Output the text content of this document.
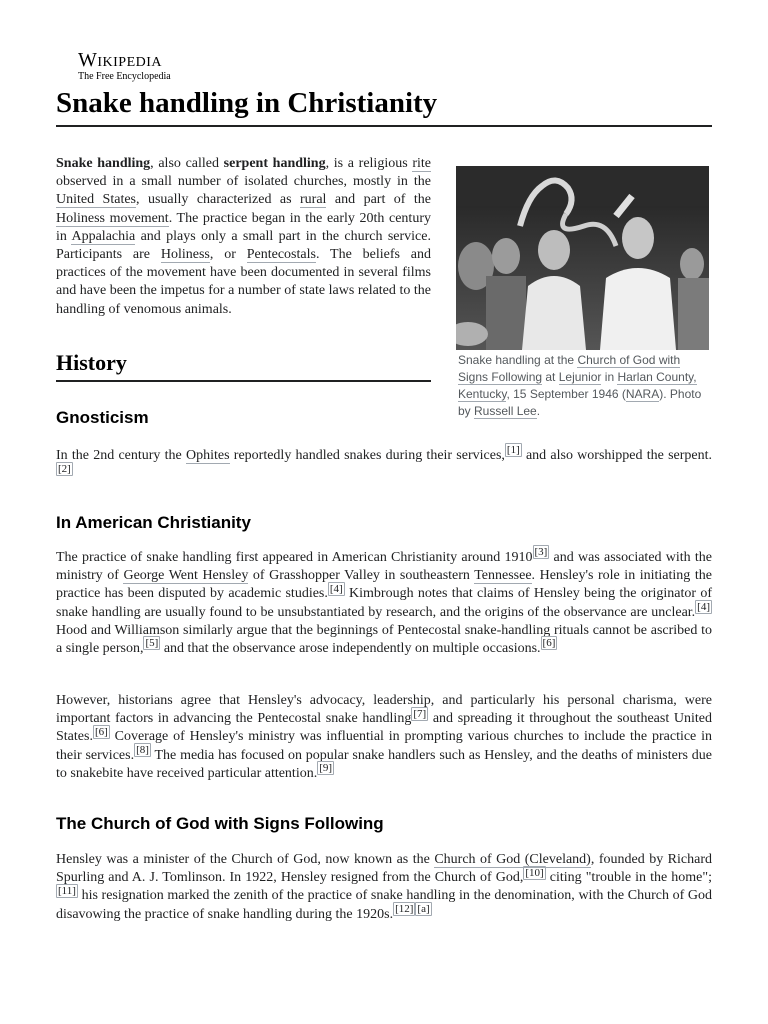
Wikipedia
The Free Encyclopedia
Snake handling in Christianity

Snake handling, also called serpent handling, is a religious rite observed in a small number of isolated churches, mostly in the United States, usually characterized as rural and part of the Holiness movement. The practice began in the early 20th century in Appalachia and plays only a small part in the church service. Participants are Holiness, or Pentecostals. The beliefs and practices of the movement have been documented in several films and have been the impetus for a number of state laws related to the handling of venomous animals.

Snake handling at the Church of God with Signs Following at Lejunior in Harlan County, Kentucky, 15 September 1946 (NARA). Photo by Russell Lee.
History
Gnosticism

In the 2nd century the Ophites reportedly handled snakes during their services, [1] and also worshipped the serpent.[2]

In American Christianity

The practice of snake handling first appeared in American Christianity around 1910 [3] and was associated with the ministry of George Went Hensley of Grasshopper Valley in southeastern Tennessee. Hensley's role in initiating the practice has been disputed by academic studies. [4] Kimbrough notes that claims of Hensley being the originator of snake handling are usually found to be unsubstantiated by research, and the origins of the observance are unclear. [4] Hood and Williamson similarly argue that the beginnings of Pentecostal snake-handling rituals cannot be ascribed to a single person, [5] and that the observance arose independently on multiple occasions. [6]

However, historians agree that Hensley's advocacy, leadership, and particularly his personal charisma, were important factors in advancing the Pentecostal snake handling [7] and spreading it throughout the southeast United States. [6] Coverage of Hensley's ministry was influential in prompting various churches to include the practice in their services. [8] The media has focused on popular snake handlers such as Hensley, and the deaths of ministers due to snakebite have received particular attention. [9]

The Church of God with Signs Following

Hensley was a minister of the Church of God, now known as the Church of God (Cleveland), founded by Richard Spurling and A. J. Tomlinson. In 1922, Hensley resigned from the Church of God, [10] citing "trouble in the home";[11] his resignation marked the zenith of the practice of snake handling in the denomination, with the Church of God disavowing the practice of snake handling during the 1920s. [12] [a]
